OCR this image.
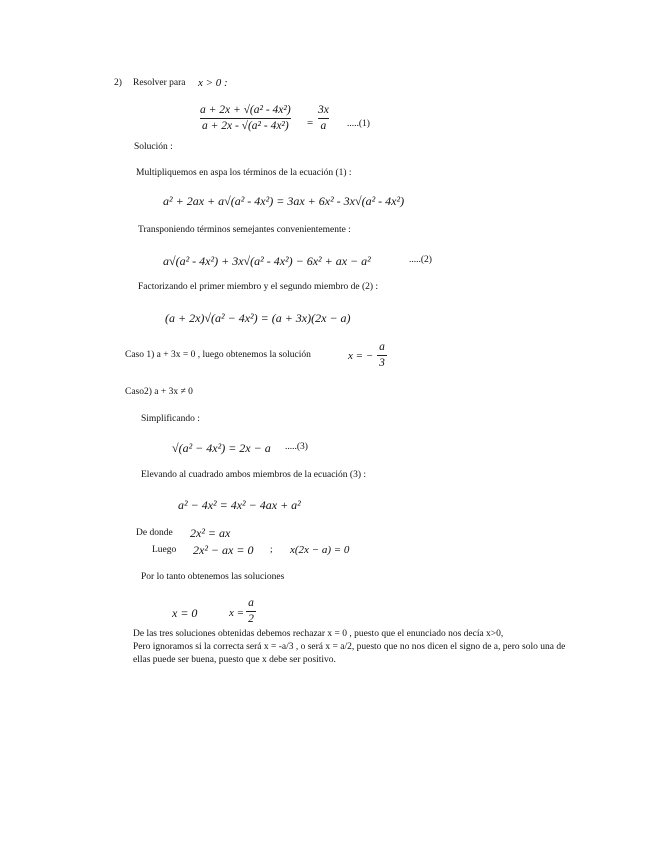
2) Resolver para x > 0 :
a + 2x + √(a² - 4x²)
a + 2x - √(a² - 4x²) =
3x
a .....(1)
Solución :
Multipliquemos en aspa los términos de la ecuación (1) :
a² + 2ax + a√(a² - 4x²) = 3ax + 6x² - 3x√(a² - 4x²)
Transponiendo términos semejantes convenientemente :
a√(a² - 4x²) + 3x√(a² - 4x²) − 6x² + ax − a²	.....(2)
Factorizando el primer miembro y el segundo miembro de (2) :
(a + 2x)√(a² − 4x²) = (a + 3x)(2x − a)
Caso 1) a + 3x = 0 , luego obtenemos la solución	x = −
a
3
Caso2) a + 3x ≠ 0
Simplificando :
√(a² − 4x²) = 2x − a .....(3)
Elevando al cuadrado ambos miembros de la ecuación (3) :
a² − 4x² = 4x² − 4ax + a²
De donde 2x² = ax
Luego 2x² − ax = 0 ; x(2x − a) = 0
Por lo tanto obtenemos las soluciones
x = 0	x =
a
2
De las tres soluciones obtenidas debemos rechazar x = 0 , puesto que el enunciado nos decía x>0,
Pero ignoramos si la correcta será x = -a/3 , o será x = a/2, puesto que no nos dicen el signo de a, pero solo una de
ellas puede ser buena, puesto que x debe ser positivo.
